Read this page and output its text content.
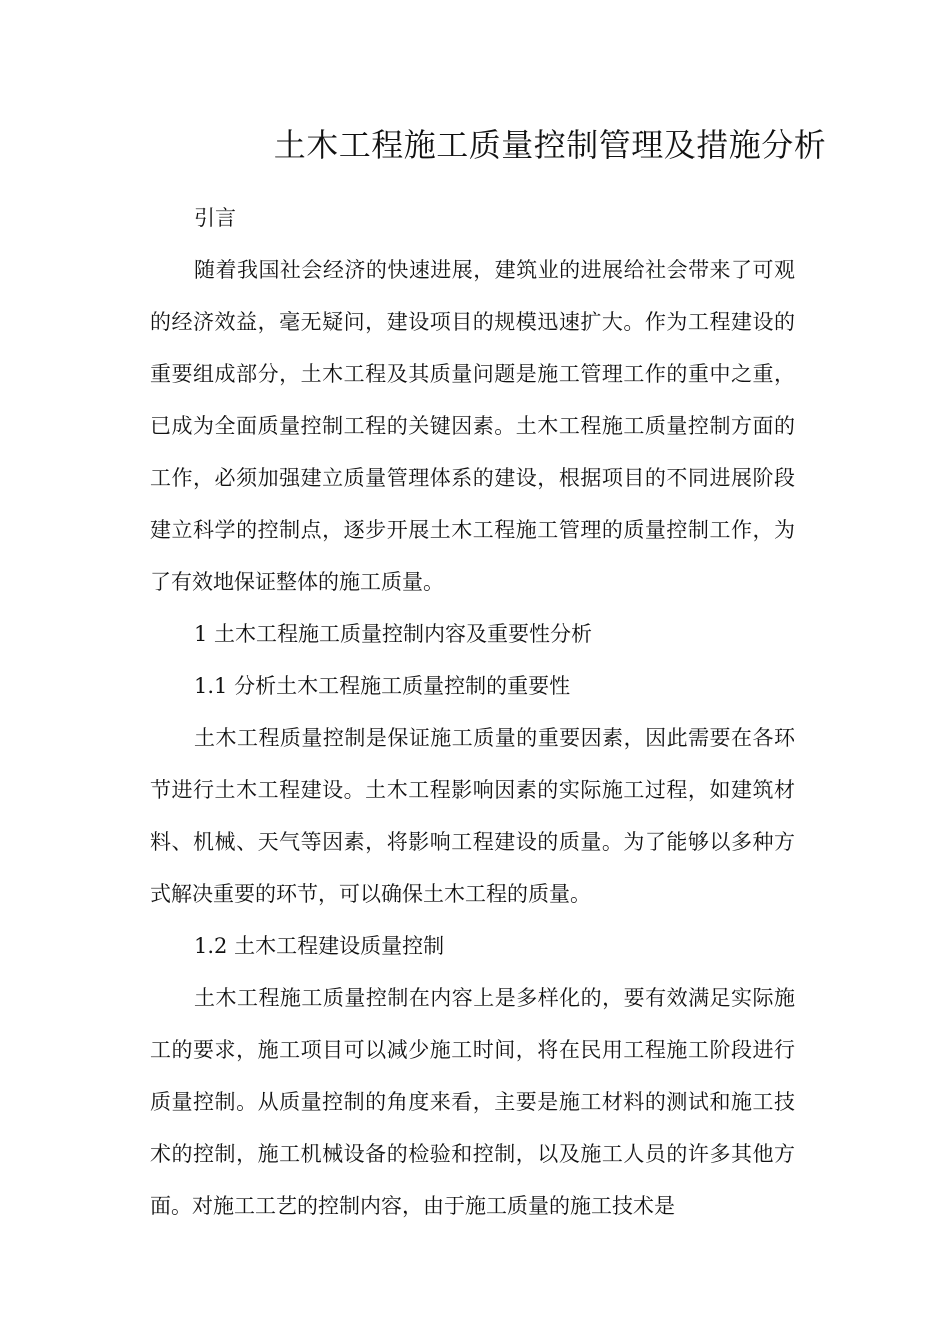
土木工程施工质量控制管理及措施分析

引言

随着我国社会经济的快速进展，建筑业的进展给社会带来了可观的经济效益，毫无疑问，建设项目的规模迅速扩大。作为工程建设的重要组成部分，土木工程及其质量问题是施工管理工作的重中之重，已成为全面质量控制工程的关键因素。土木工程施工质量控制方面的工作，必须加强建立质量管理体系的建设，根据项目的不同进展阶段建立科学的控制点，逐步开展土木工程施工管理的质量控制工作，为了有效地保证整体的施工质量。

1 土木工程施工质量控制内容及重要性分析

1.1 分析土木工程施工质量控制的重要性

土木工程质量控制是保证施工质量的重要因素，因此需要在各环节进行土木工程建设。土木工程影响因素的实际施工过程，如建筑材料、机械、天气等因素，将影响工程建设的质量。为了能够以多种方式解决重要的环节，可以确保土木工程的质量。

1.2 土木工程建设质量控制

土木工程施工质量控制在内容上是多样化的，要有效满足实际施工的要求，施工项目可以减少施工时间，将在民用工程施工阶段进行质量控制。从质量控制的角度来看，主要是施工材料的测试和施工技术的控制，施工机械设备的检验和控制，以及施工人员的许多其他方面。对施工工艺的控制内容，由于施工质量的施工技术是
